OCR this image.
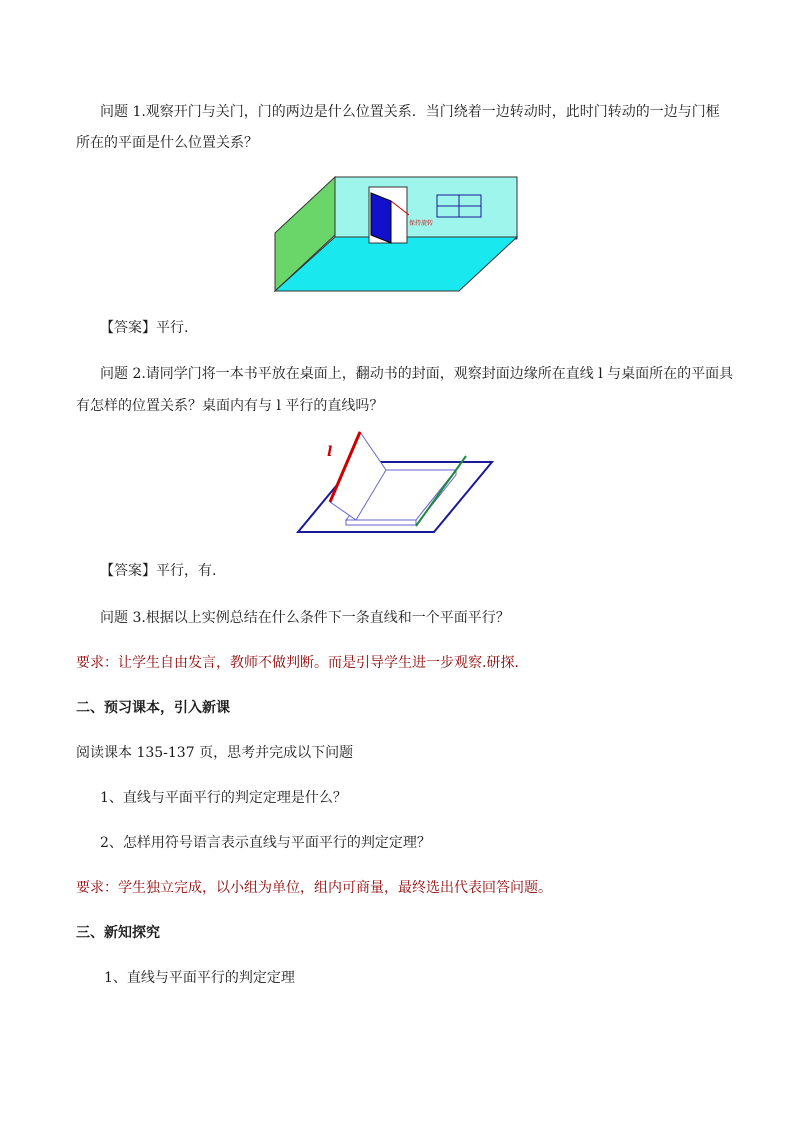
问题 1.观察开门与关门，门的两边是什么位置关系．当门绕着一边转动时，此时门转动的一边与门框
所在的平面是什么位置关系？
保持旋转
【答案】平行.
问题 2.请同学门将一本书平放在桌面上，翻动书的封面，观察封面边缘所在直线 l 与桌面所在的平面具
有怎样的位置关系？桌面内有与 l 平行的直线吗？
l
【答案】平行，有.
问题 3.根据以上实例总结在什么条件下一条直线和一个平面平行？
要求：让学生自由发言，教师不做判断。而是引导学生进一步观察.研探.
二、预习课本，引入新课
阅读课本 135-137 页，思考并完成以下问题
1、直线与平面平行的判定定理是什么？
2、怎样用符号语言表示直线与平面平行的判定定理？
要求：学生独立完成，以小组为单位，组内可商量，最终选出代表回答问题。
三、新知探究
1、直线与平面平行的判定定理
